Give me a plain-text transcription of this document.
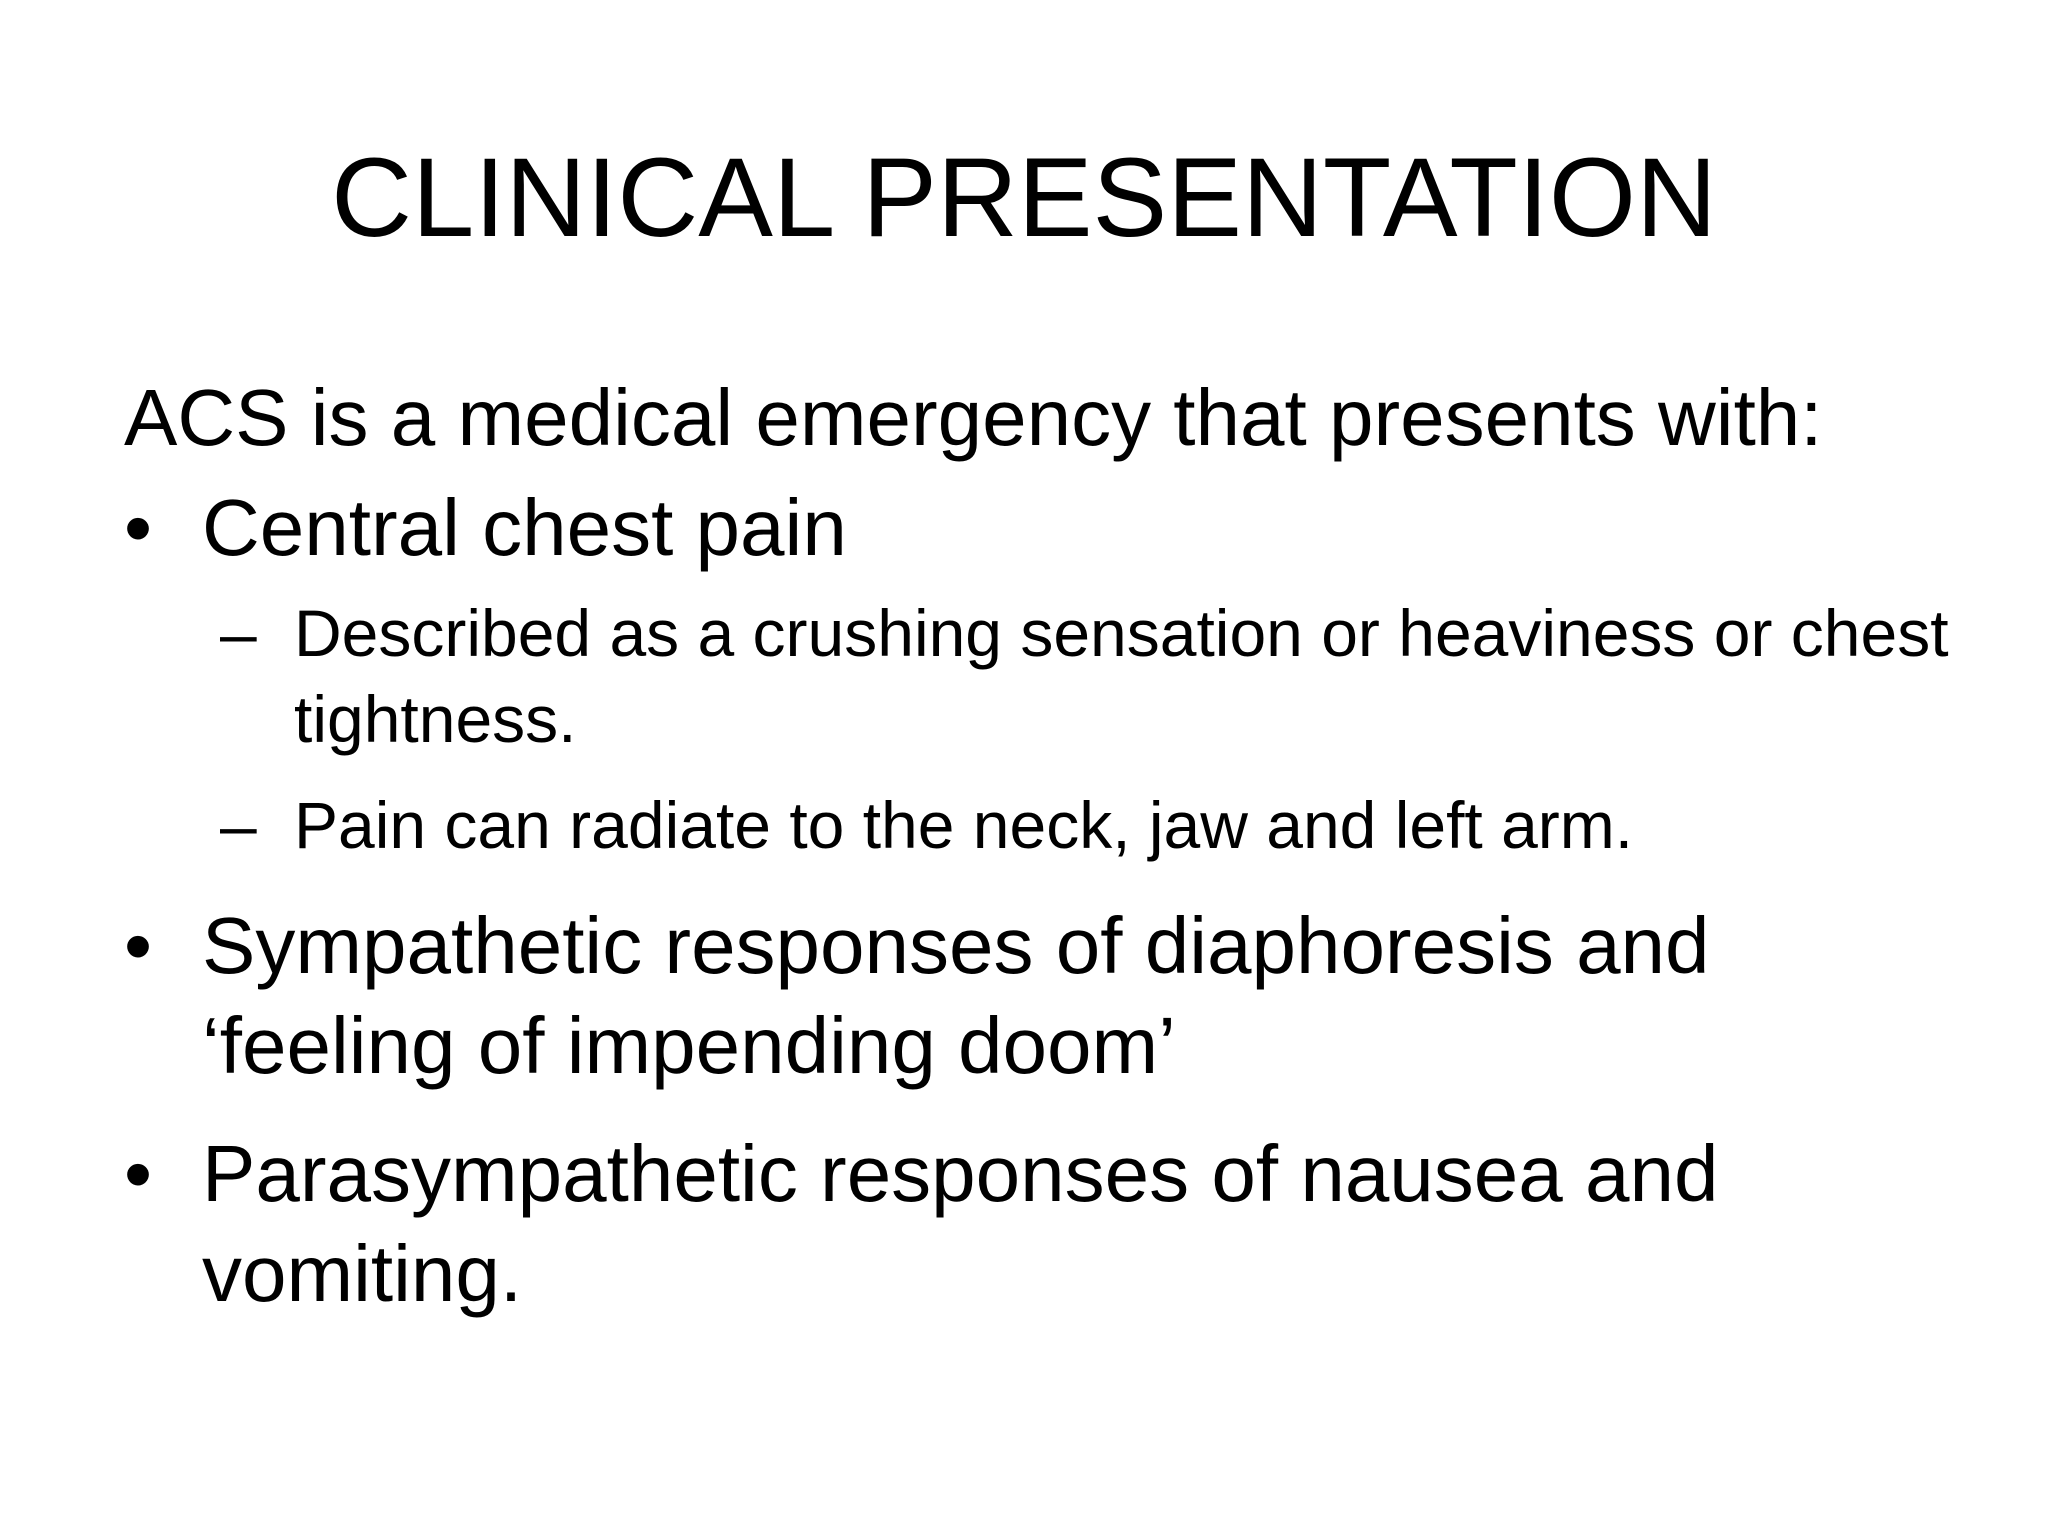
CLINICAL PRESENTATION

ACS is a medical emergency that presents with:

• Central chest pain
– Described as a crushing sensation or heaviness or chest tightness.
– Pain can radiate to the neck, jaw and left arm.
• Sympathetic responses of diaphoresis and ‘feeling of impending doom’
• Parasympathetic responses of nausea and vomiting.
